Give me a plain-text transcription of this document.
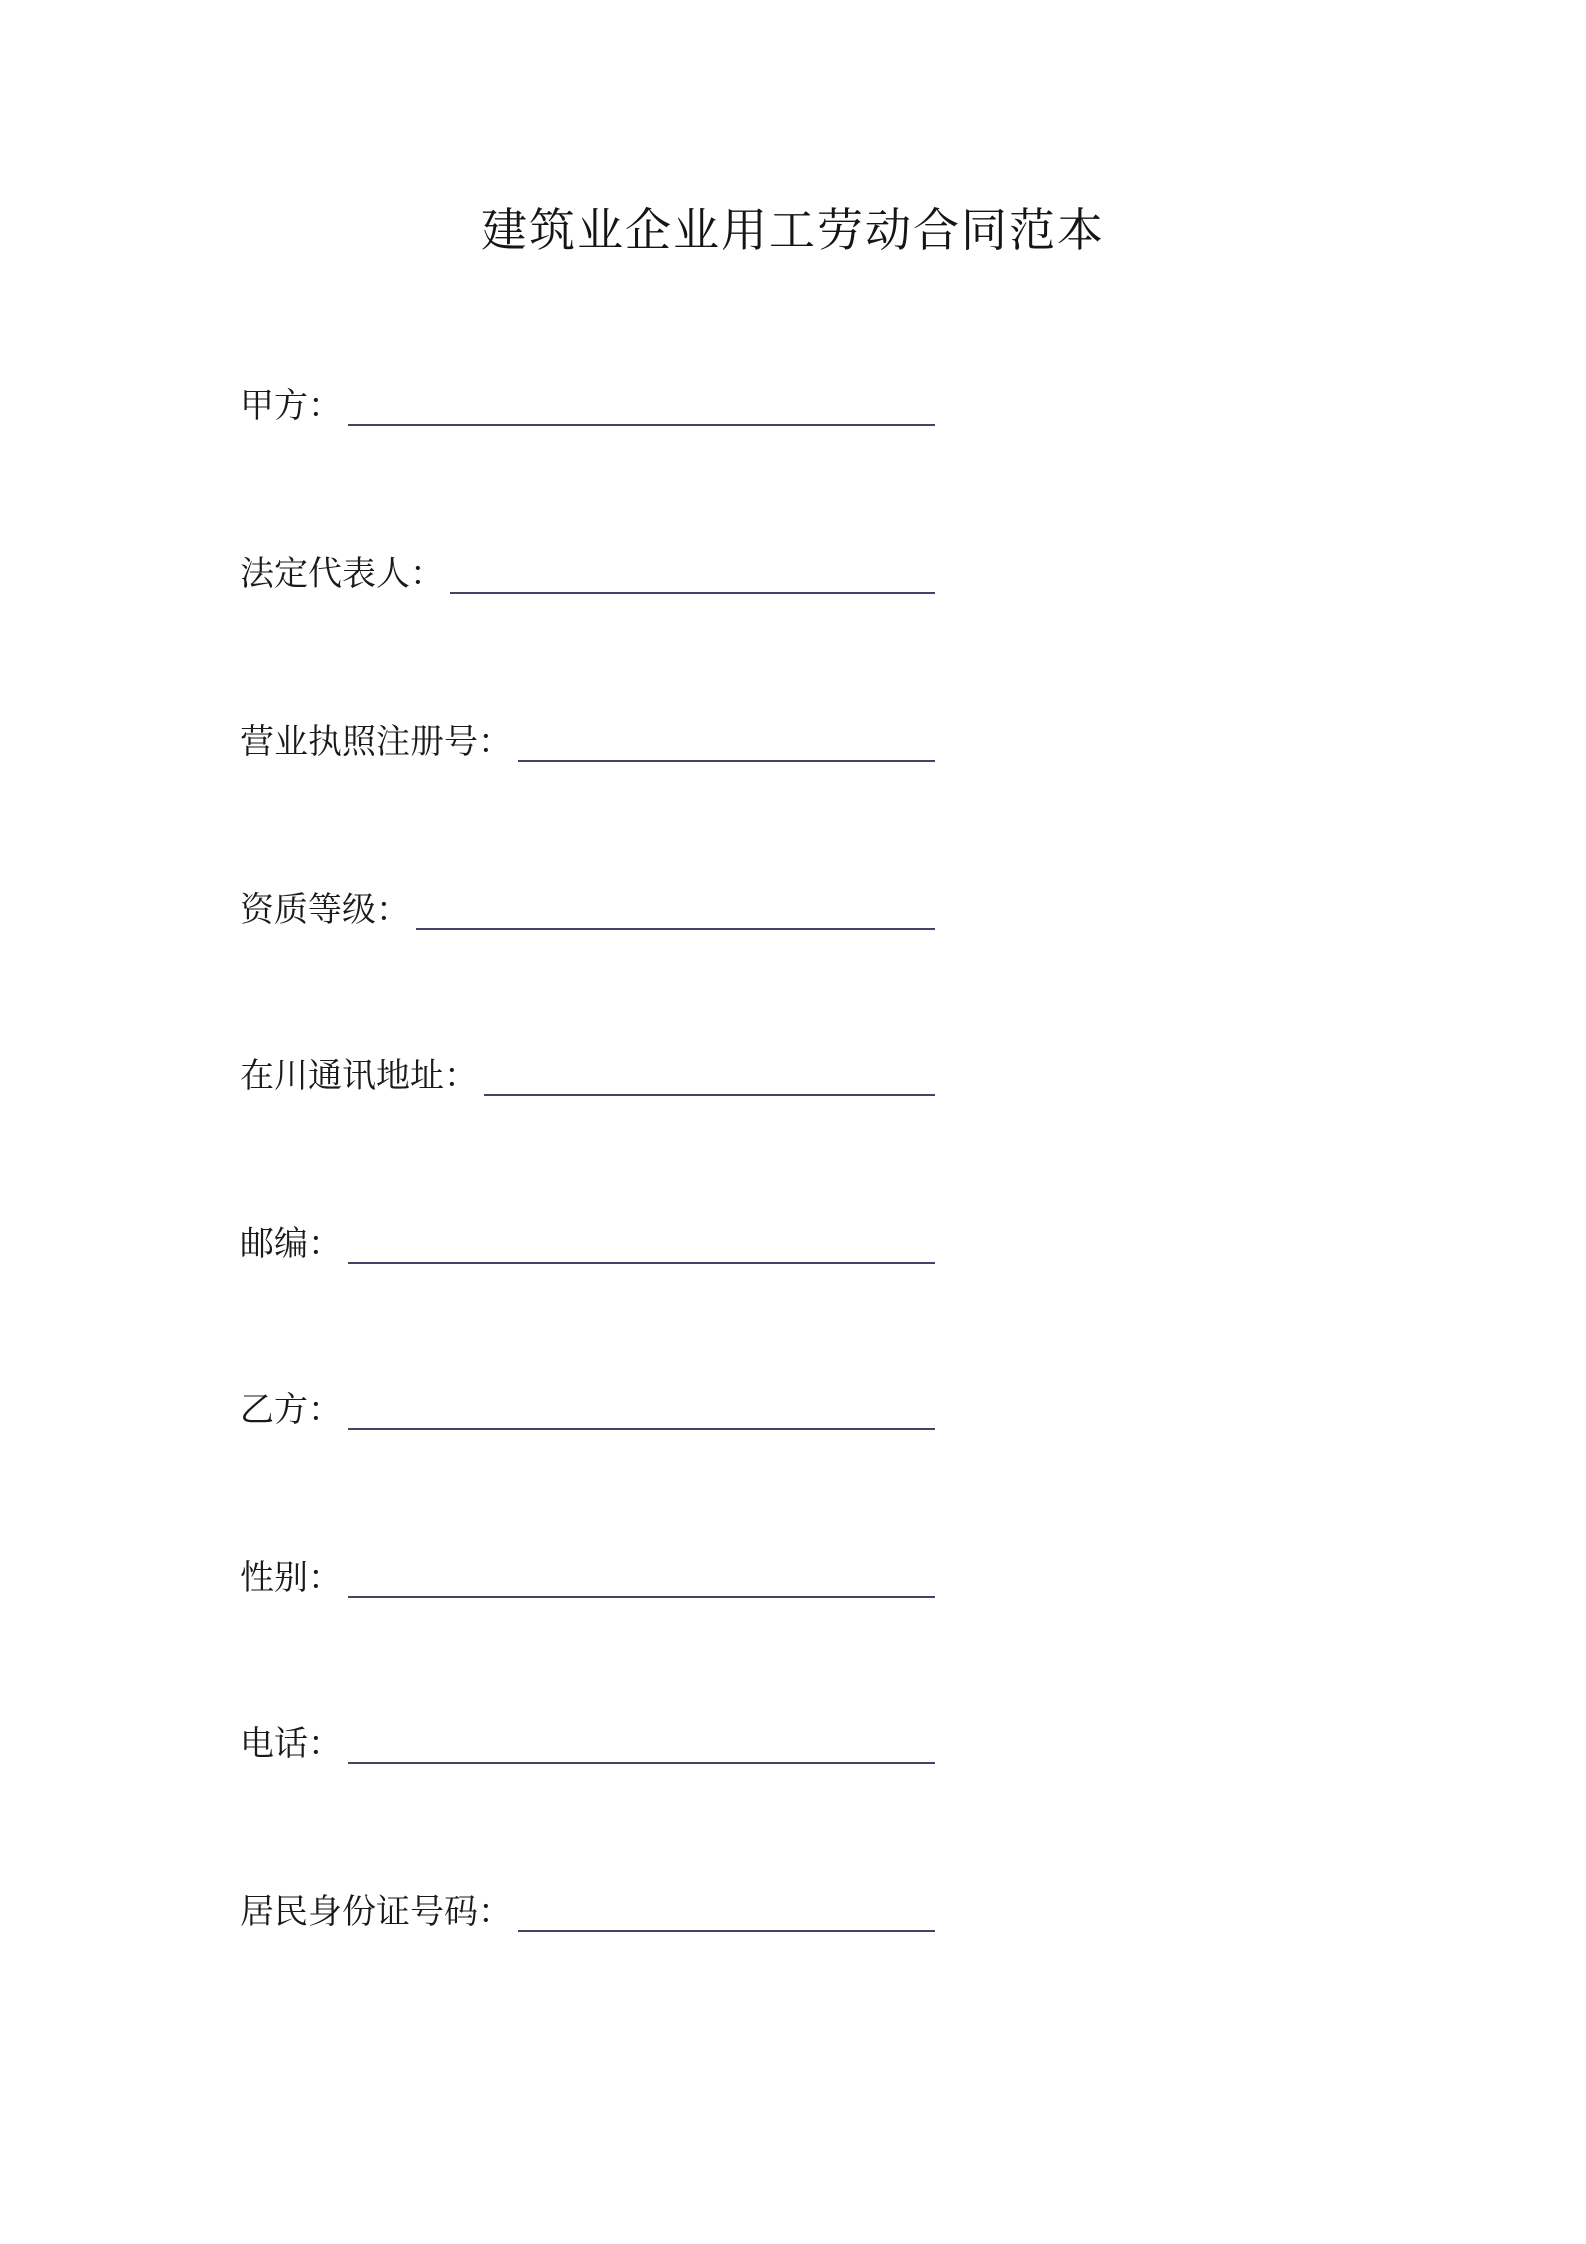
建筑业企业用工劳动合同范本
甲方：
法定代表人：
营业执照注册号：
资质等级：
在川通讯地址：
邮编：
乙方：
性别：
电话：
居民身份证号码：
